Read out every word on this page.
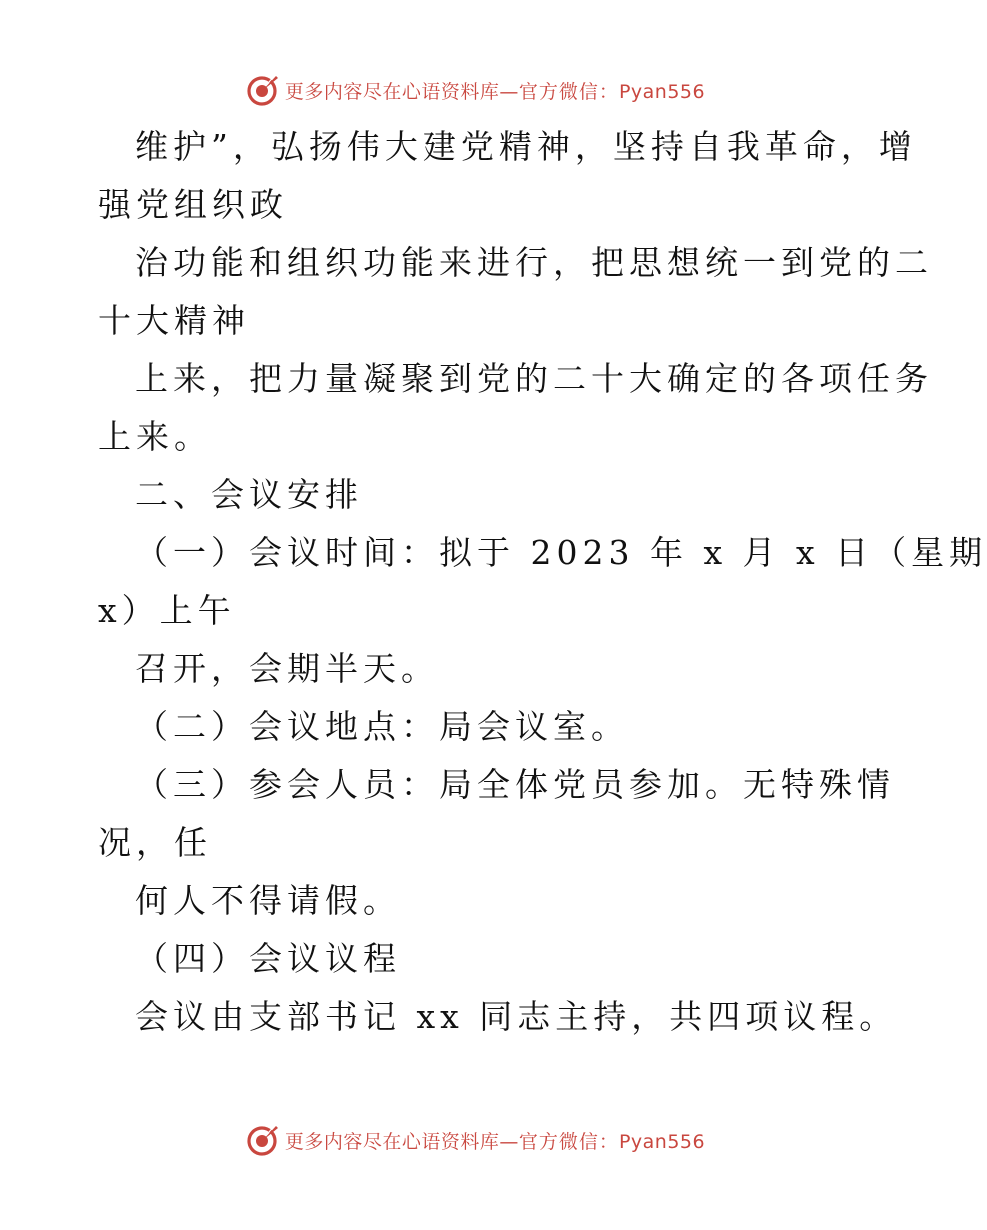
更多内容尽在心语资料库—官方微信：Pyan556
维护”，弘扬伟大建党精神，坚持自我革命，增
强党组织政
治功能和组织功能来进行，把思想统一到党的二
十大精神
上来，把力量凝聚到党的二十大确定的各项任务
上来。
二、会议安排
（一）会议时间：拟于 2023 年 x 月 x 日（星期
x）上午
召开，会期半天。
（二）会议地点：局会议室。
（三）参会人员：局全体党员参加。无特殊情
况，任
何人不得请假。
（四）会议议程
会议由支部书记 xx 同志主持，共四项议程。
更多内容尽在心语资料库—官方微信：Pyan556
